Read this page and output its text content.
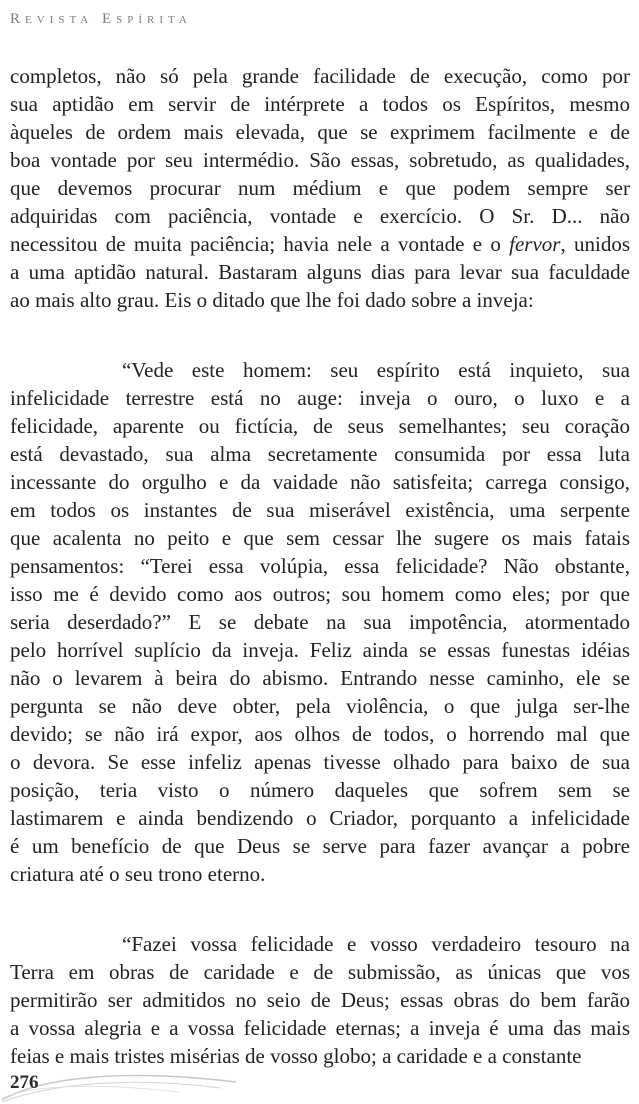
Revista Espírita
completos, não só pela grande facilidade de execução, como por
sua aptidão em servir de intérprete a todos os Espíritos, mesmo
àqueles de ordem mais elevada, que se exprimem facilmente e de
boa vontade por seu intermédio. São essas, sobretudo, as qualidades,
que devemos procurar num médium e que podem sempre ser
adquiridas com paciência, vontade e exercício. O Sr. D... não
necessitou de muita paciência; havia nele a vontade e o fervor, unidos
a uma aptidão natural. Bastaram alguns dias para levar sua faculdade
ao mais alto grau. Eis o ditado que lhe foi dado sobre a inveja:
“Vede este homem: seu espírito está inquieto, sua
infelicidade terrestre está no auge: inveja o ouro, o luxo e a
felicidade, aparente ou fictícia, de seus semelhantes; seu coração
está devastado, sua alma secretamente consumida por essa luta
incessante do orgulho e da vaidade não satisfeita; carrega consigo,
em todos os instantes de sua miserável existência, uma serpente
que acalenta no peito e que sem cessar lhe sugere os mais fatais
pensamentos: “Terei essa volúpia, essa felicidade? Não obstante,
isso me é devido como aos outros; sou homem como eles; por que
seria deserdado?” E se debate na sua impotência, atormentado
pelo horrível suplício da inveja. Feliz ainda se essas funestas idéias
não o levarem à beira do abismo. Entrando nesse caminho, ele se
pergunta se não deve obter, pela violência, o que julga ser-lhe
devido; se não irá expor, aos olhos de todos, o horrendo mal que
o devora. Se esse infeliz apenas tivesse olhado para baixo de sua
posição, teria visto o número daqueles que sofrem sem se
lastimarem e ainda bendizendo o Criador, porquanto a infelicidade
é um benefício de que Deus se serve para fazer avançar a pobre
criatura até o seu trono eterno.
“Fazei vossa felicidade e vosso verdadeiro tesouro na
Terra em obras de caridade e de submissão, as únicas que vos
permitirão ser admitidos no seio de Deus; essas obras do bem farão
a vossa alegria e a vossa felicidade eternas; a inveja é uma das mais
feias e mais tristes misérias de vosso globo; a caridade e a constante
276
